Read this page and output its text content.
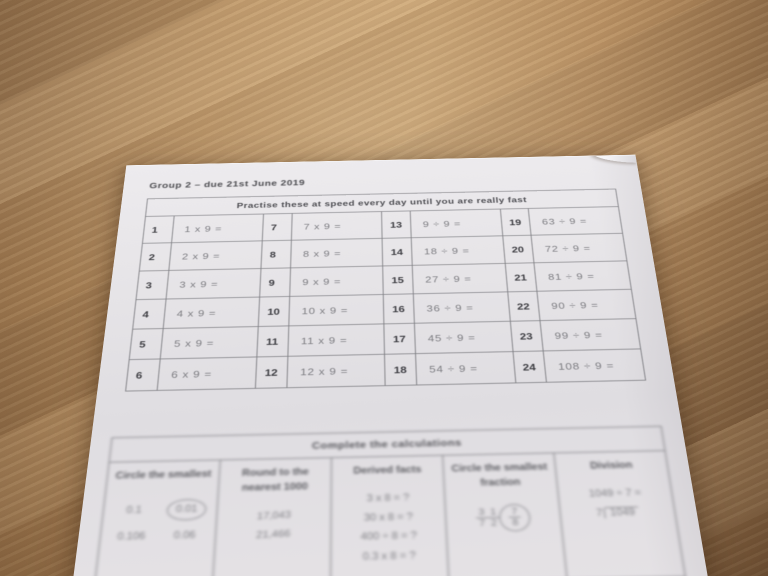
Group 2 – due 21st June 2019
Practise these at speed every day until you are really fast							
1	1 x 9 =	7	7 x 9 =	13	9 ÷ 9 =	19	63 ÷ 9 =
2	2 x 9 =	8	8 x 9 =	14	18 ÷ 9 =	20	72 ÷ 9 =
3	3 x 9 =	9	9 x 9 =	15	27 ÷ 9 =	21	81 ÷ 9 =
4	4 x 9 =	10	10 x 9 =	16	36 ÷ 9 =	22	90 ÷ 9 =
5	5 x 9 =	11	11 x 9 =	17	45 ÷ 9 =	23	99 ÷ 9 =
6	6 x 9 =	12	12 x 9 =	18	54 ÷ 9 =	24	108 ÷ 9 =
Complete the calculations				

Circle the smallest
0.1	0.01
0.106 0.06

Round to the nearest 1000
17,043
21,466

Derived facts
3 x 8 = ?
30 x 8 = ?
400 ÷ 8 = ?
0.3 x 8 = ?

Circle the smallest fraction
$\frac{3}{7}$
$\frac{1}{2}$
$\frac{7}{8}$

Division
1049 ÷ 7 =
7 1049
